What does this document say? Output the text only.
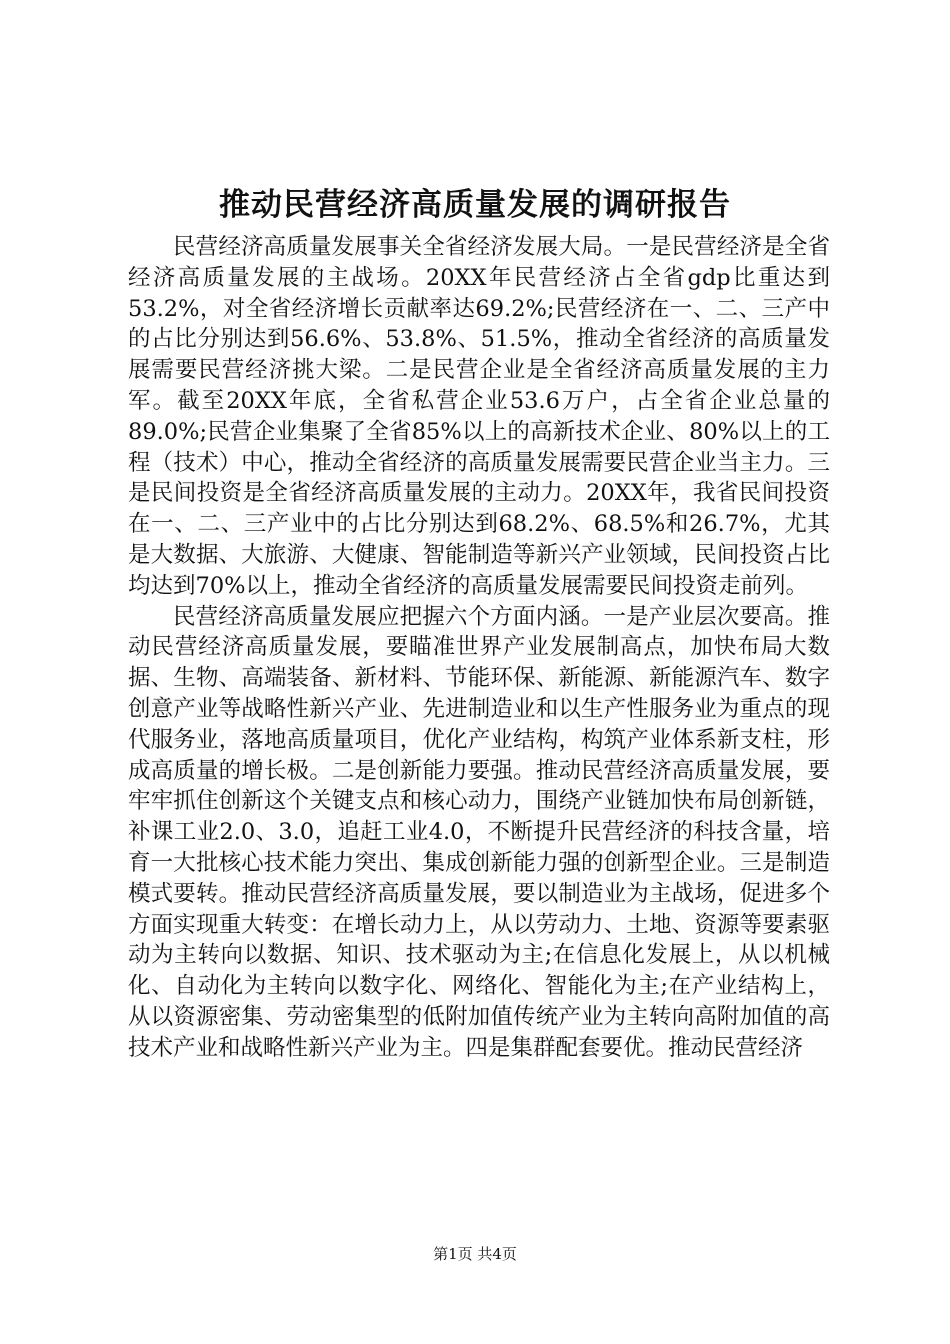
推动民营经济高质量发展的调研报告

民营经济高质量发展事关全省经济发展大局。一是民营经济是全省经济高质量发展的主战场。20XX年民营经济占全省gdp比重达到53.2%，对全省经济增长贡献率达69.2%;民营经济在一、二、三产中的占比分别达到56.6%、53.8%、51.5%，推动全省经济的高质量发展需要民营经济挑大梁。二是民营企业是全省经济高质量发展的主力军。截至20XX年底，全省私营企业53.6万户，占全省企业总量的89.0%;民营企业集聚了全省85%以上的高新技术企业、80%以上的工程（技术）中心，推动全省经济的高质量发展需要民营企业当主力。三是民间投资是全省经济高质量发展的主动力。20XX年，我省民间投资在一、二、三产业中的占比分别达到68.2%、68.5%和26.7%，尤其是大数据、大旅游、大健康、智能制造等新兴产业领域，民间投资占比均达到70%以上，推动全省经济的高质量发展需要民间投资走前列。

民营经济高质量发展应把握六个方面内涵。一是产业层次要高。推动民营经济高质量发展，要瞄准世界产业发展制高点，加快布局大数据、生物、高端装备、新材料、节能环保、新能源、新能源汽车、数字创意产业等战略性新兴产业、先进制造业和以生产性服务业为重点的现代服务业，落地高质量项目，优化产业结构，构筑产业体系新支柱，形成高质量的增长极。二是创新能力要强。推动民营经济高质量发展，要牢牢抓住创新这个关键支点和核心动力，围绕产业链加快布局创新链，补课工业2.0、3.0，追赶工业4.0，不断提升民营经济的科技含量，培育一大批核心技术能力突出、集成创新能力强的创新型企业。三是制造模式要转。推动民营经济高质量发展，要以制造业为主战场，促进多个方面实现重大转变：在增长动力上，从以劳动力、土地、资源等要素驱动为主转向以数据、知识、技术驱动为主;在信息化发展上，从以机械化、自动化为主转向以数字化、网络化、智能化为主;在产业结构上，从以资源密集、劳动密集型的低附加值传统产业为主转向高附加值的高技术产业和战略性新兴产业为主。四是集群配套要优。推动民营经济

第1页 共4页
